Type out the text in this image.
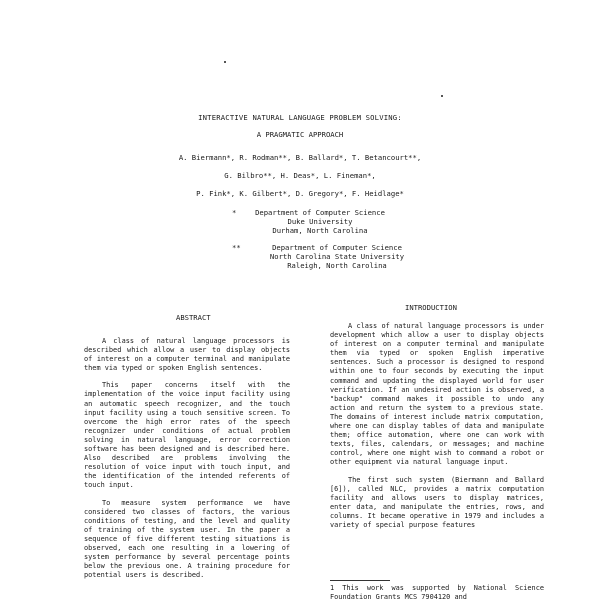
INTERACTIVE NATURAL LANGUAGE PROBLEM SOLVING:
A PRAGMATIC APPROACH
A. Biermann*, R. Rodman**, B. Ballard*, T. Betancourt**,
G. Bilbro**, H. Deas*, L. Fineman*,
P. Fink*, K. Gilbert*, D. Gregory*, F. Heidlage*
*	Department of Computer Science
Duke University
Durham, North Carolina
**	Department of Computer Science
North Carolina State University
Raleigh, North Carolina
ABSTRACT
INTRODUCTION

A class of natural language processors is described which allow a user to display objects of interest on a computer terminal and manipulate them via typed or spoken English sentences.

This paper concerns itself with the implementation of the voice input facility using an automatic speech recognizer, and the touch input facility using a touch sensitive screen. To overcome the high error rates of the speech recognizer under conditions of actual problem solving in natural language, error correction software has been designed and is described here. Also described are problems involving the resolution of voice input with touch input, and the identification of the intended referents of touch input.

To measure system performance we have considered two classes of factors, the various conditions of testing, and the level and quality of training of the system user. In the paper a sequence of five different testing situations is observed, each one resulting in a lowering of system performance by several percentage points below the previous one. A training procedure for potential users is described.

A class of natural language processors is under development which allow a user to display objects of interest on a computer terminal and manipulate them via typed or spoken English imperative sentences. Such a processor is designed to respond within one to four seconds by executing the input command and updating the displayed world for user verification. If an undesired action is observed, a "backup" command makes it possible to undo any action and return the system to a previous state. The domains of interest include matrix computation, where one can display tables of data and manipulate them; office automation, where one can work with texts, files, calendars, or messages; and machine control, where one might wish to command a robot or other equipment via natural language input.

The first such system (Biermann and Ballard [6]), called NLC, provides a matrix computation facility and allows users to display matrices, enter data, and manipulate the entries, rows, and columns. It became operative in 1979 and includes a variety of special purpose features

1 This work was supported by National Science Foundation Grants MCS 7904120 and
